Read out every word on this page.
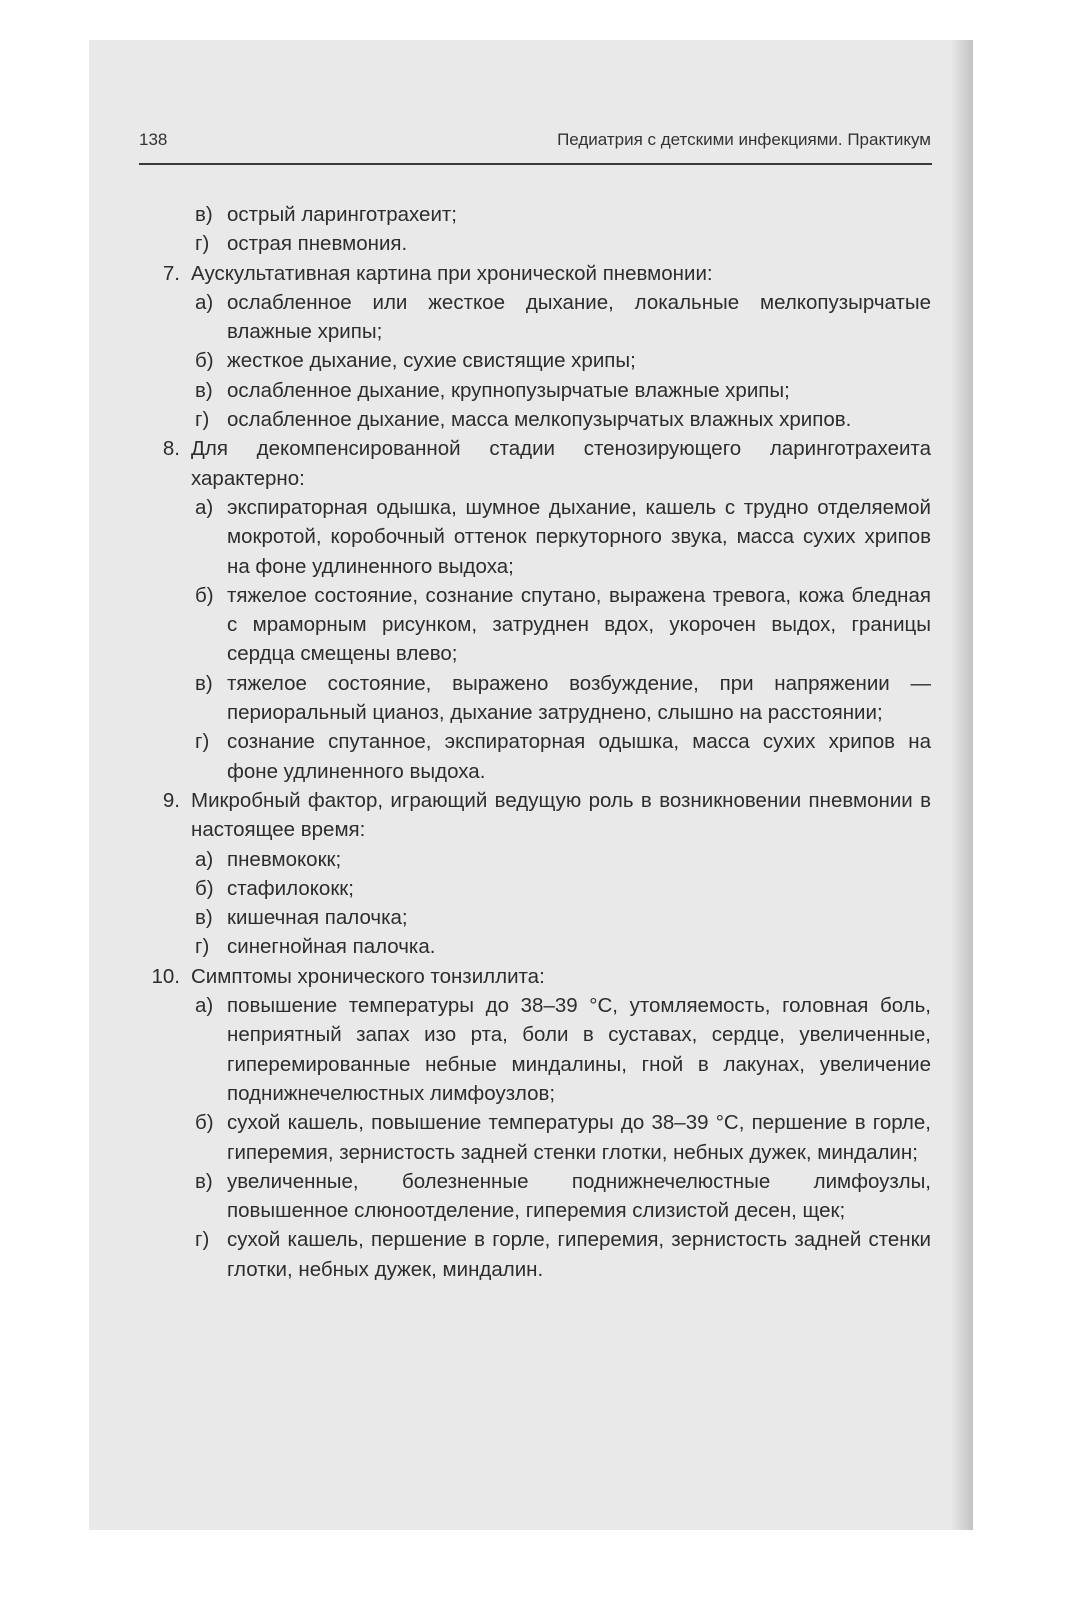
138	Педиатрия с детскими инфекциями. Практикум
в) острый ларинготрахеит;
г) острая пневмония.
7. Аускультативная картина при хронической пневмонии:
а) ослабленное или жесткое дыхание, локальные мелкопузырчатые влажные хрипы;
б) жесткое дыхание, сухие свистящие хрипы;
в) ослабленное дыхание, крупнопузырчатые влажные хрипы;
г) ослабленное дыхание, масса мелкопузырчатых влажных хрипов.
8. Для декомпенсированной стадии стенозирующего ларинготрахеита характерно:
а) экспираторная одышка, шумное дыхание, кашель с трудно отделяемой мокротой, коробочный оттенок перкуторного звука, масса сухих хрипов на фоне удлиненного выдоха;
б) тяжелое состояние, сознание спутано, выражена тревога, кожа бледная с мраморным рисунком, затруднен вдох, укорочен выдох, границы сердца смещены влево;
в) тяжелое состояние, выражено возбуждение, при напряжении — периоральный цианоз, дыхание затруднено, слышно на расстоянии;
г) сознание спутанное, экспираторная одышка, масса сухих хрипов на фоне удлиненного выдоха.
9. Микробный фактор, играющий ведущую роль в возникновении пневмонии в настоящее время:
а) пневмококк;
б) стафилококк;
в) кишечная палочка;
г) синегнойная палочка.
10. Симптомы хронического тонзиллита:
а) повышение температуры до 38–39 °С, утомляемость, головная боль, неприятный запах изо рта, боли в суставах, сердце, увеличенные, гиперемированные небные миндалины, гной в лакунах, увеличение поднижнечелюстных лимфоузлов;
б) сухой кашель, повышение температуры до 38–39 °С, першение в горле, гиперемия, зернистость задней стенки глотки, небных дужек, миндалин;
в) увеличенные, болезненные поднижнечелюстные лимфоузлы, повышенное слюноотделение, гиперемия слизистой десен, щек;
г) сухой кашель, першение в горле, гиперемия, зернистость задней стенки глотки, небных дужек, миндалин.
